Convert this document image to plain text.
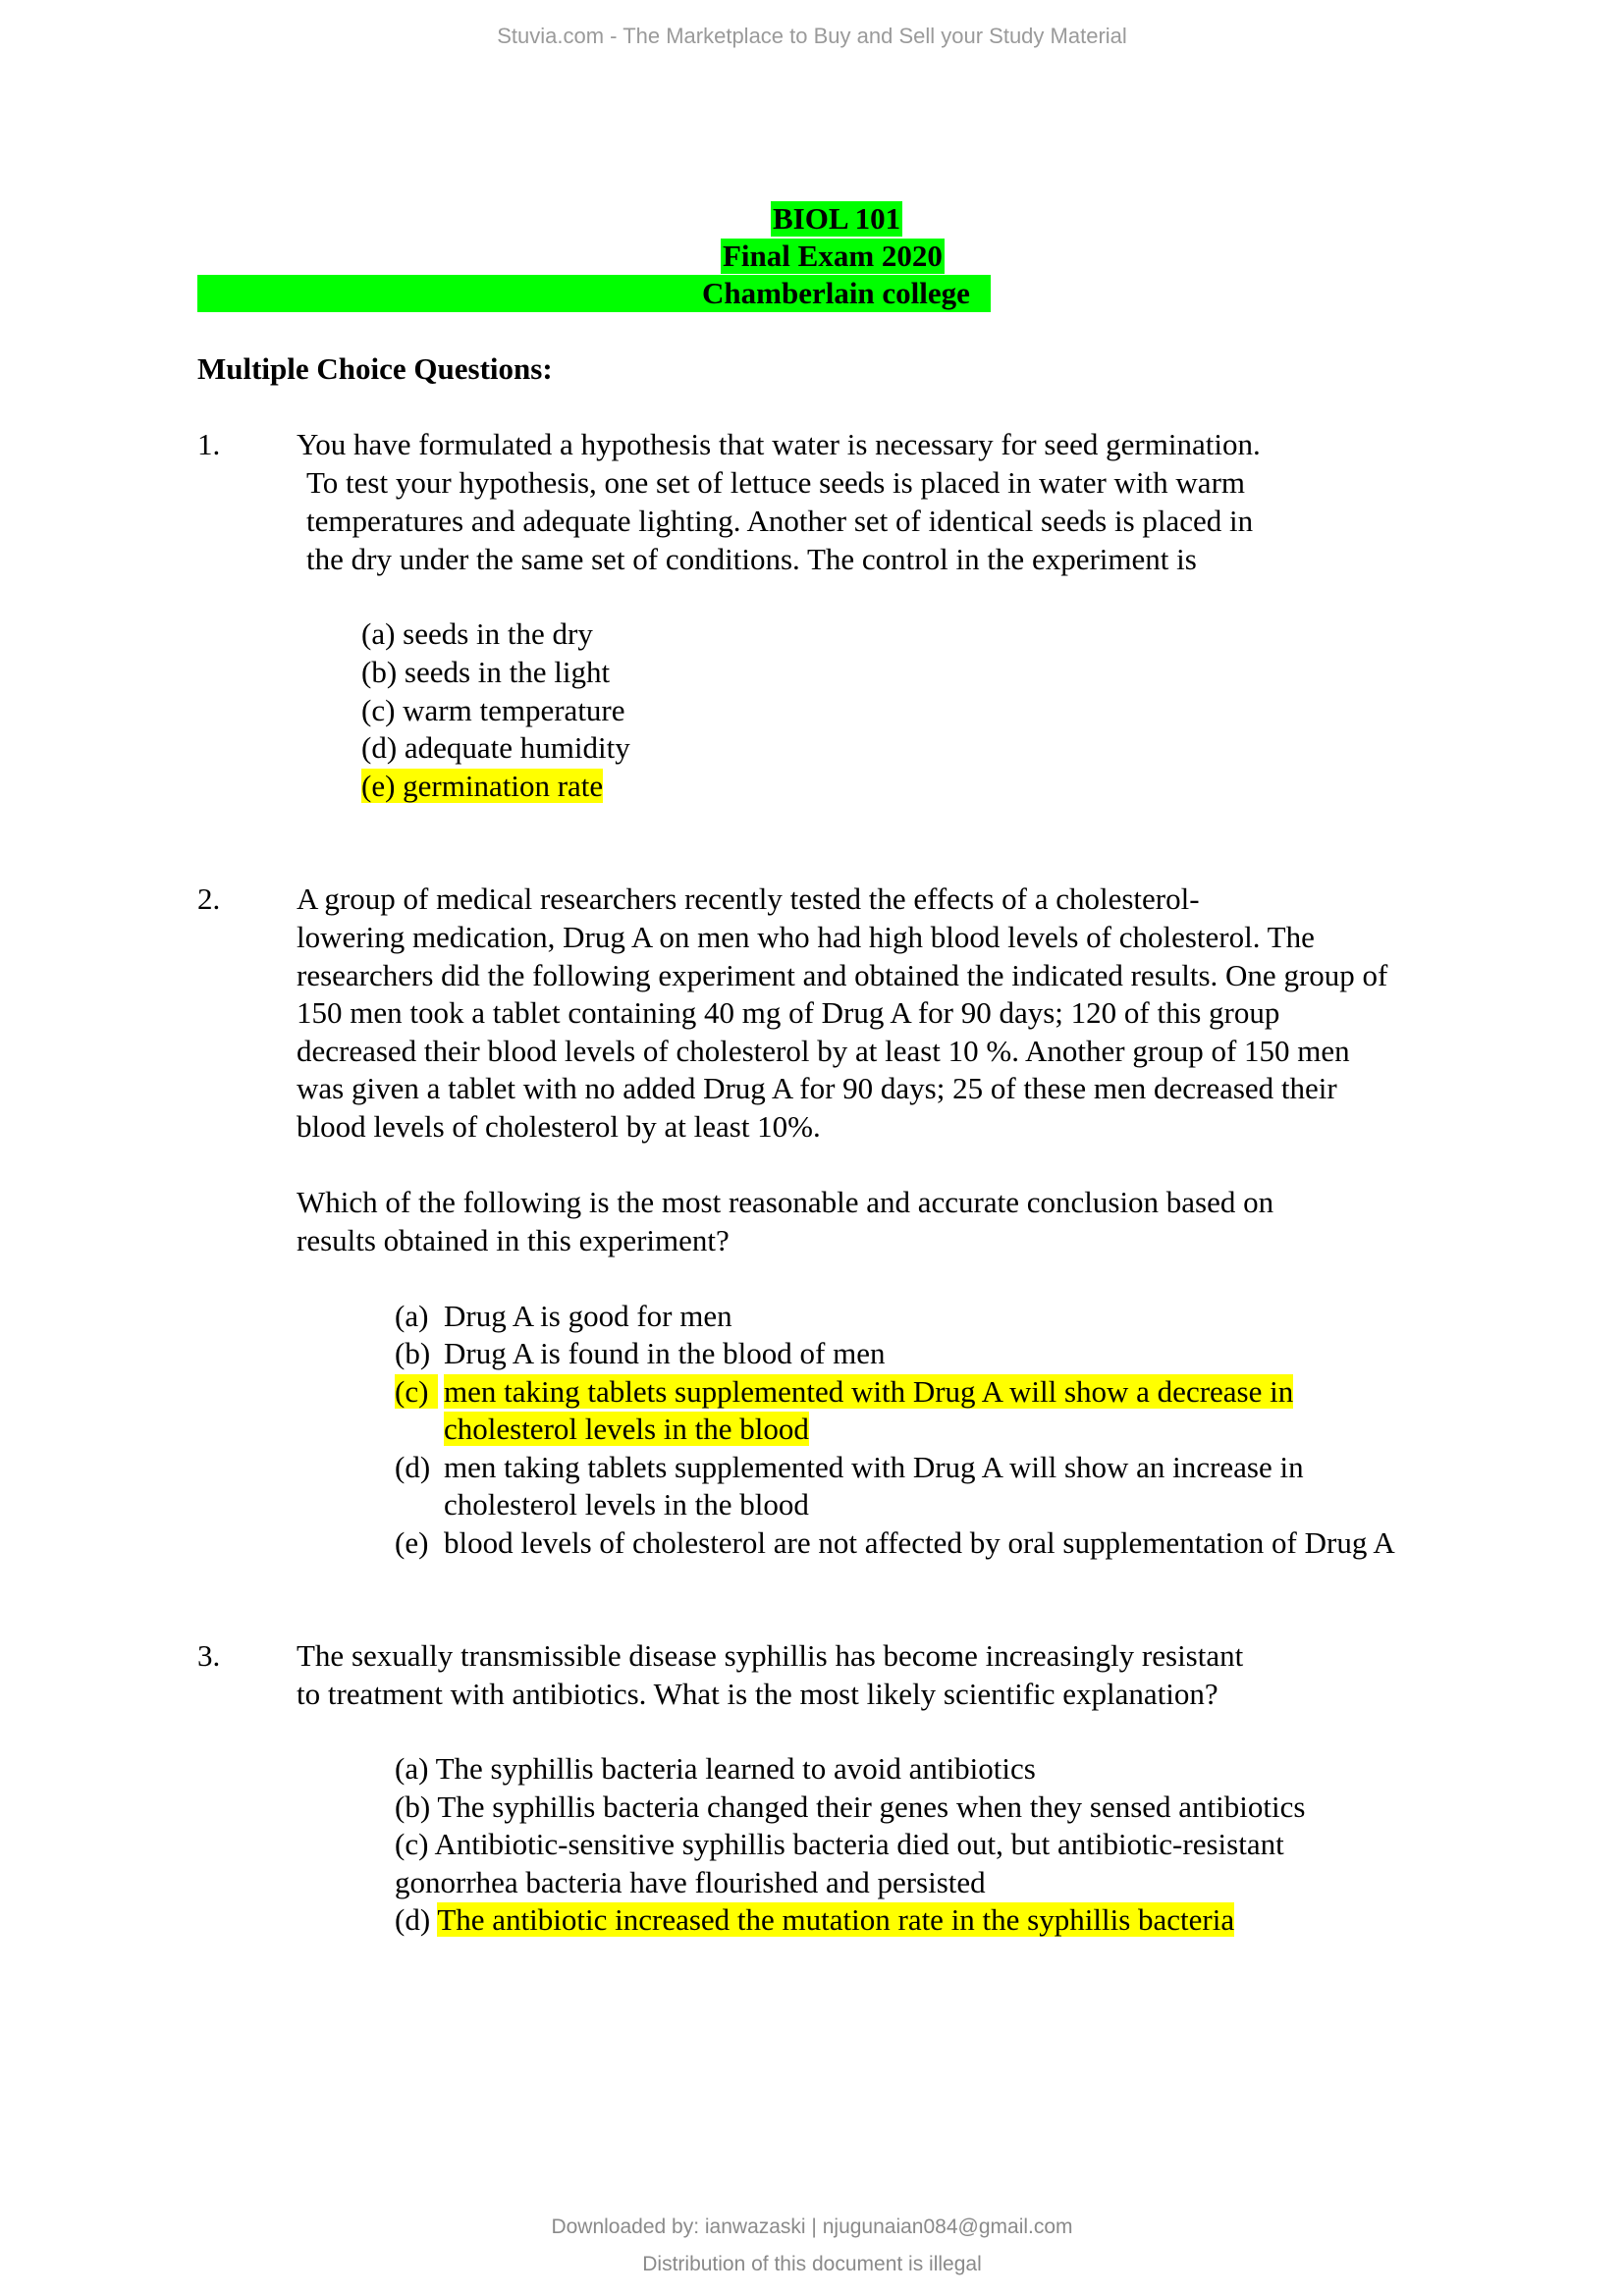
Stuvia.com - The Marketplace to Buy and Sell your Study Material
BIOL 101
Final Exam 2020
Chamberlain college
Multiple Choice Questions:
1.	You have formulated a hypothesis that water is necessary for seed germination.
To test your hypothesis, one set of lettuce seeds is placed in water with warm
temperatures and adequate lighting. Another set of identical seeds is placed in
the dry under the same set of conditions. The control in the experiment is
(a) seeds in the dry
(b) seeds in the light
(c) warm temperature
(d) adequate humidity
(e) germination rate
2.	A group of medical researchers recently tested the effects of a cholesterol-
lowering medication, Drug A on men who had high blood levels of cholesterol. The
researchers did the following experiment and obtained the indicated results. One group of
150 men took a tablet containing 40 mg of Drug A for 90 days; 120 of this group
decreased their blood levels of cholesterol by at least 10 %. Another group of 150 men
was given a tablet with no added Drug A for 90 days; 25 of these men decreased their
blood levels of cholesterol by at least 10%.
Which of the following is the most reasonable and accurate conclusion based on
results obtained in this experiment?
(a) Drug A is good for men
(b) Drug A is found in the blood of men
(c) men taking tablets supplemented with Drug A will show a decrease in
cholesterol levels in the blood
(d) men taking tablets supplemented with Drug A will show an increase in
cholesterol levels in the blood
(e) blood levels of cholesterol are not affected by oral supplementation of Drug A
3.	The sexually transmissible disease syphillis has become increasingly resistant
to treatment with antibiotics. What is the most likely scientific explanation?
(a) The syphillis bacteria learned to avoid antibiotics
(b) The syphillis bacteria changed their genes when they sensed antibiotics
(c) Antibiotic-sensitive syphillis bacteria died out, but antibiotic-resistant
gonorrhea bacteria have flourished and persisted
(d) The antibiotic increased the mutation rate in the syphillis bacteria
Downloaded by: ianwazaski | njugunaian084@gmail.com
Distribution of this document is illegal
